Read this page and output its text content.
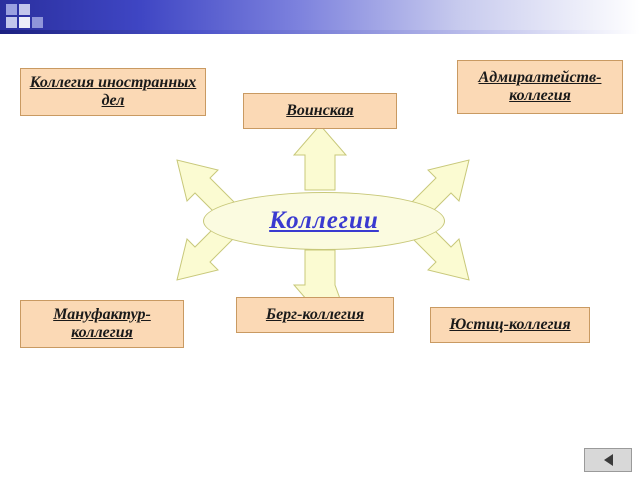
Коллегии
Коллегия иностранных дел
Воинская
Адмиралтейств-коллегия
Мануфактур-коллегия
Берг-коллегия
Юстиц-коллегия
